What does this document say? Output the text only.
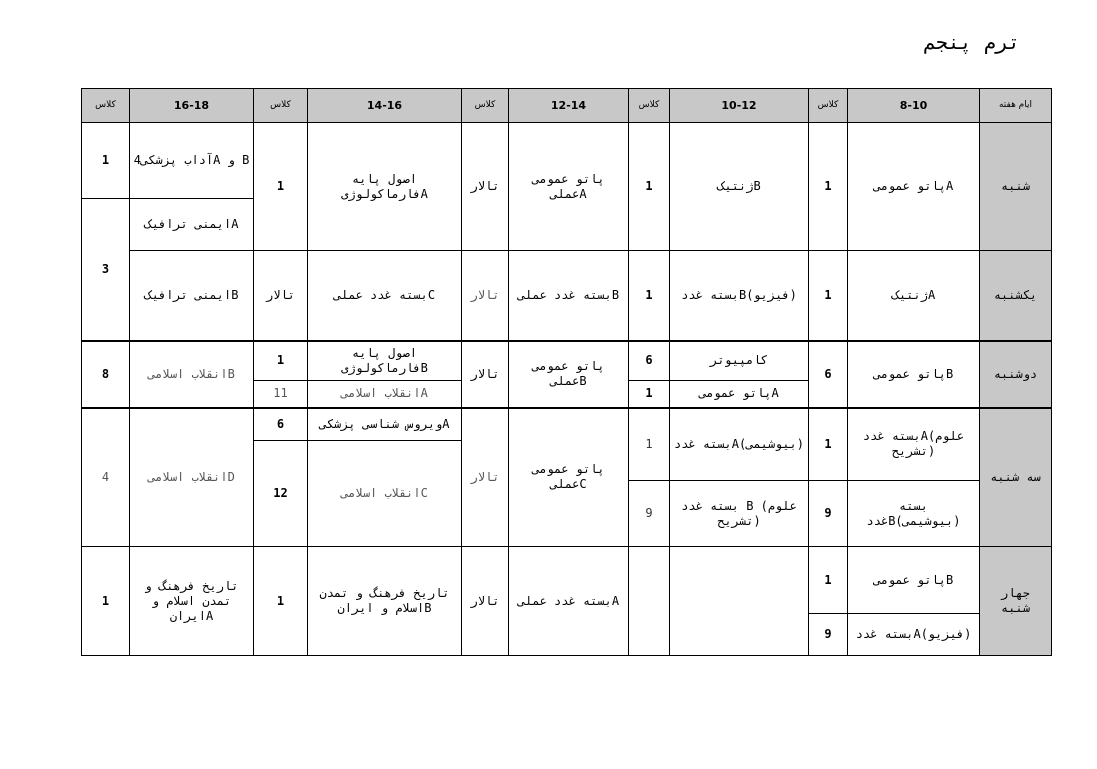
ترم پنجم
کلاس	16-18	کلاس	14-16	کلاس	12-14	کلاس	10-12	کلاس	8-10	ایام هفته
1	آداب پزشکی4A و B	1	اصول پایه فارماکولوژیA	تالار	پاتو عمومی عملیA	1	ژنتیکB	1	پاتو عمومیA	شنبه
3	ایمنی ترافیکA									
	ایمنی ترافیکB	تالار	بسته غدد عملیC	تالار	بسته غدد عملیB	1	بسته غددB(فیزیو)	1	ژنتیکA	یکشنبه
8	انقلاب اسلامیB	1	اصول پایه فارماکولوژیB	تالار	پاتو عمومی عملیB	6	کامپیوتر	6	پاتو عمومیB	دوشنبه
		11	انقلاب اسلامیA			1	پاتو عمومیA			
4	انقلاب اسلامیD	6	ویروس شناسی پزشکیA	تالار	پاتو عمومی عملیC	1	بسته غددA(بیوشیمی)	1	بسته غددA(علوم تشریح)	سه شنبه
		12	انقلاب اسلامیC							
						9	بسته غدد B (علوم تشریح)	9	بسته غددB(بیوشیمی)	
1	تاریخ فرهنگ و تمدن اسلام و ایرانA	1	تاریخ فرهنگ و تمدن اسلام و ایرانB	تالار	بسته غدد عملیA			1	پاتو عمومیB	جهار شنبه
								9	بسته غددA(فیزیو)	
